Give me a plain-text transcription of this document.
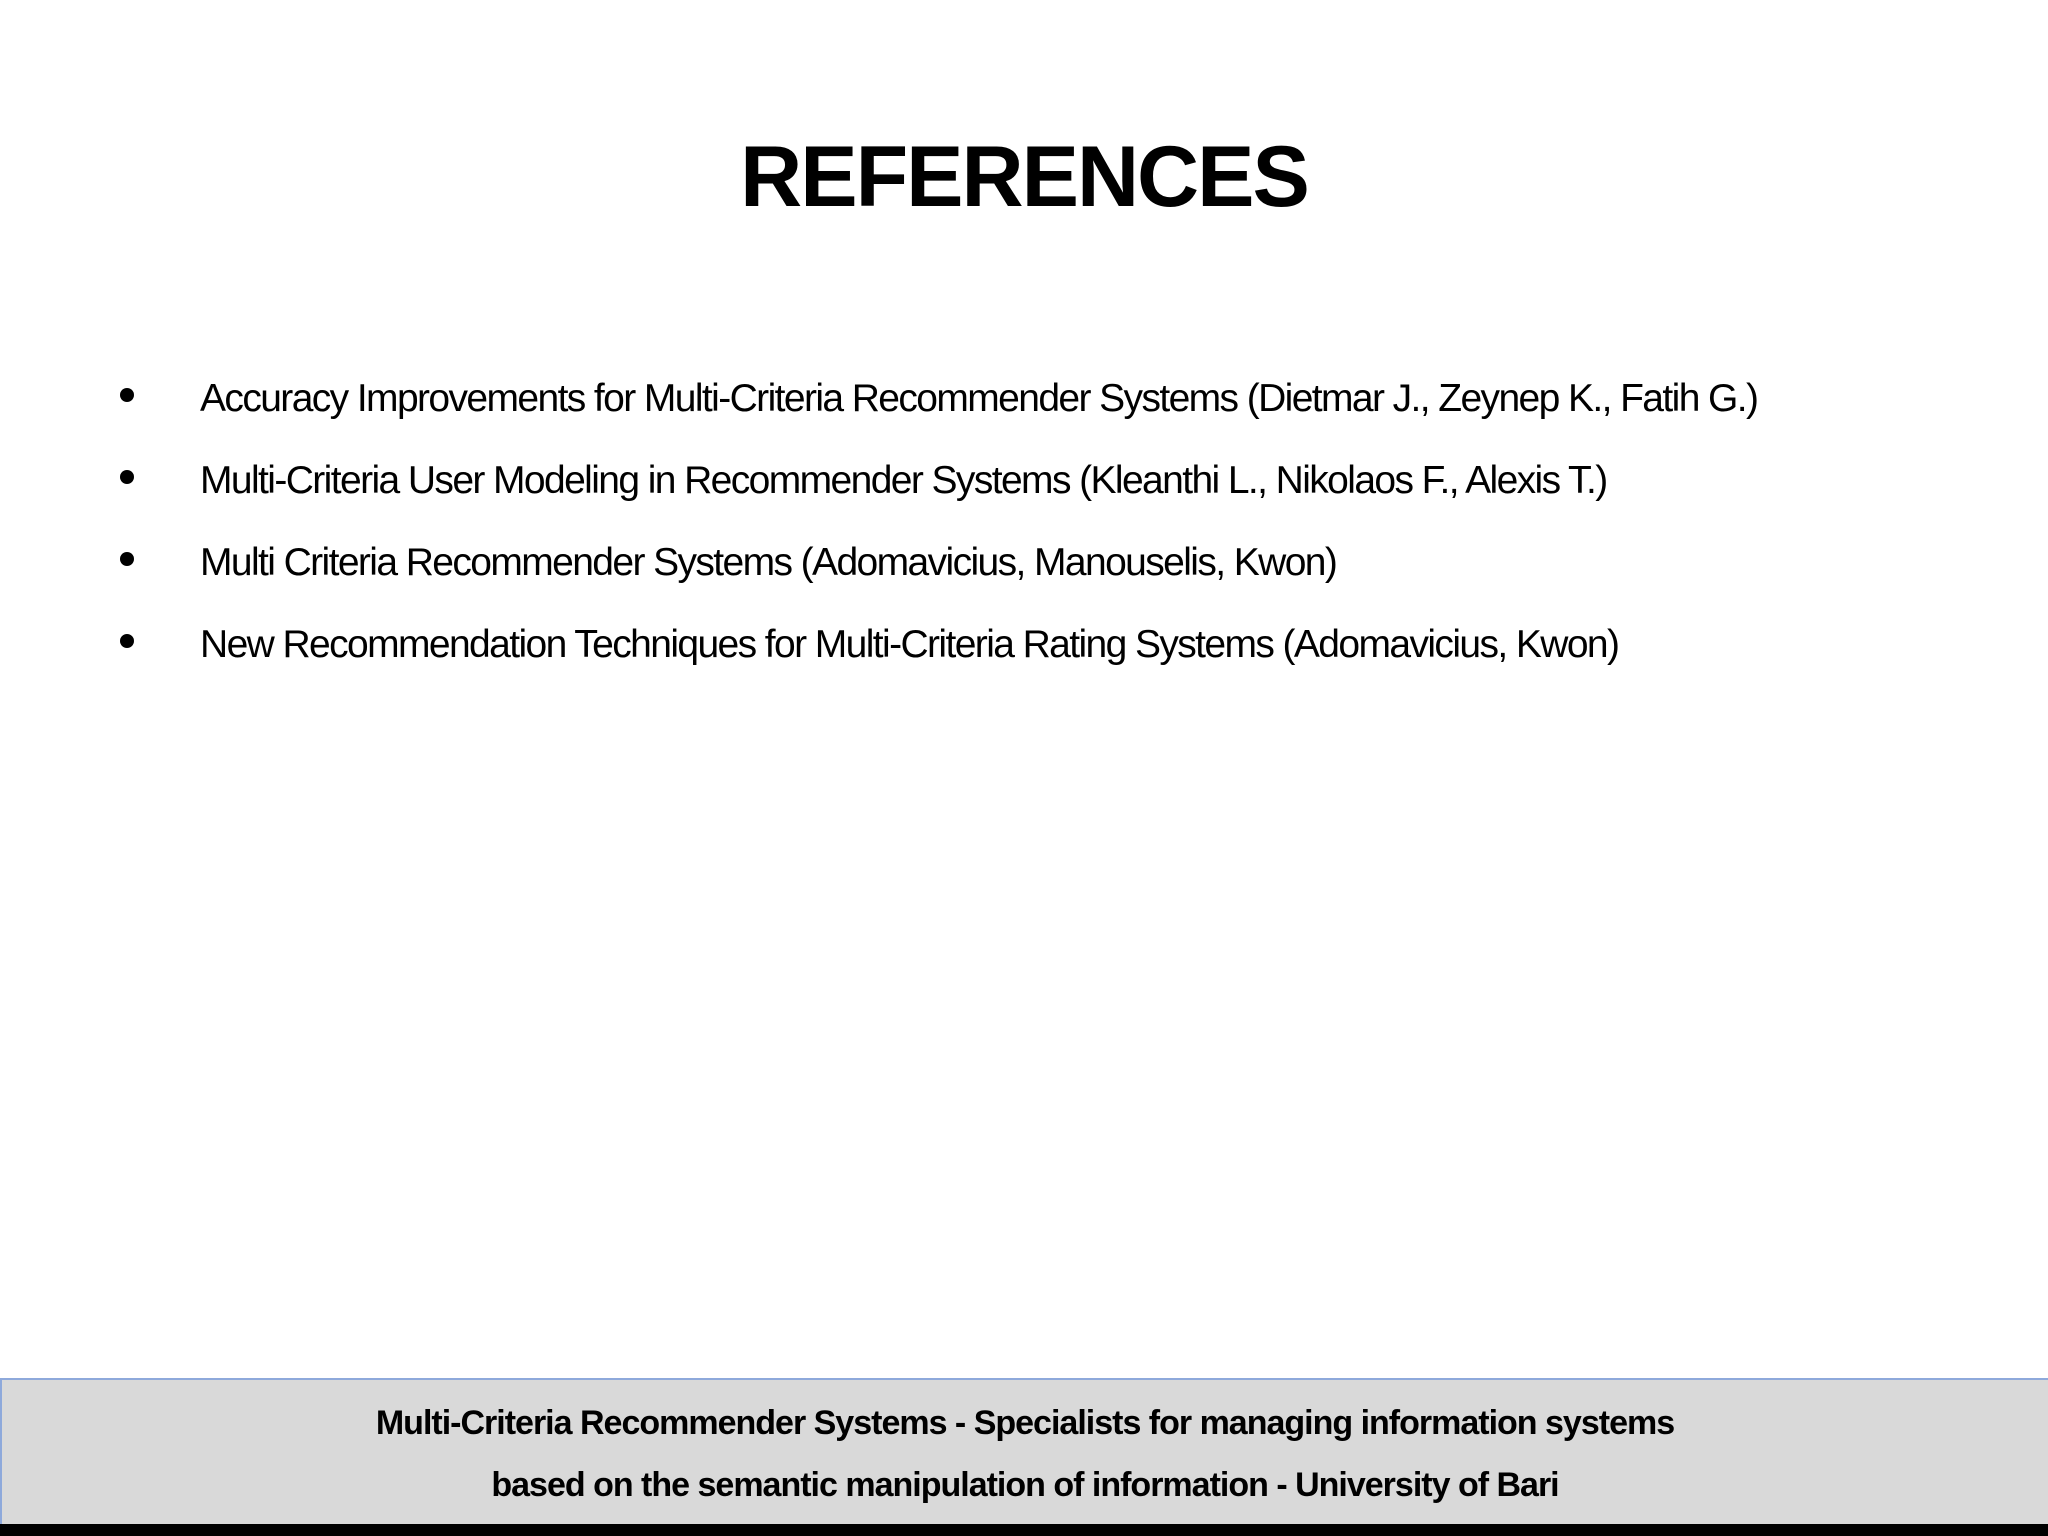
REFERENCES
Accuracy Improvements for Multi-Criteria Recommender Systems (Dietmar J., Zeynep K., Fatih G.)
Multi-Criteria User Modeling in Recommender Systems (Kleanthi L., Nikolaos F., Alexis T.)
Multi Criteria Recommender Systems (Adomavicius, Manouselis, Kwon)
New Recommendation Techniques for Multi-Criteria Rating Systems (Adomavicius, Kwon)
Multi-Criteria Recommender Systems - Specialists for managing information systems
based on the semantic manipulation of information - University of Bari
